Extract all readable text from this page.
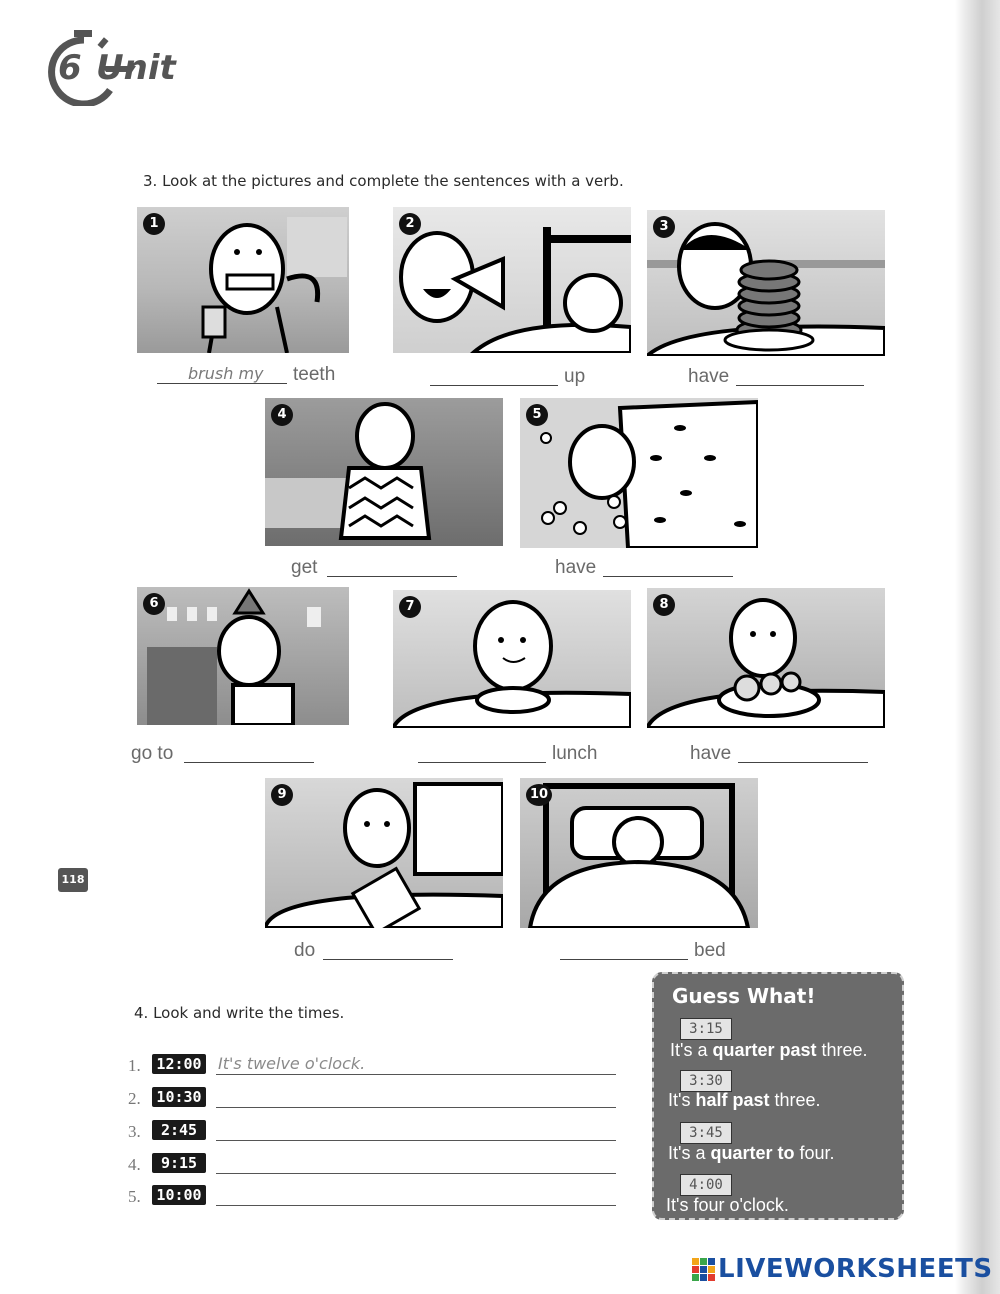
6 Unit
3. Look at the pictures and complete the sentences with a verb.
1
brush my teeth
2
up
3
have
4
get
5
have
6
go to
7
lunch
8
have
9
do
10
bed
118
4. Look and write the times.
1. 12:00 It's twelve o'clock.
2. 10:30
3.	2:45
4.	9:15
5. 10:00
Guess What!
3:15
It's a quarter past three.
3:30
It's half past three.
3:45
It's a quarter to four.
4:00
It's four o'clock.
LIVEWORKSHEETS
